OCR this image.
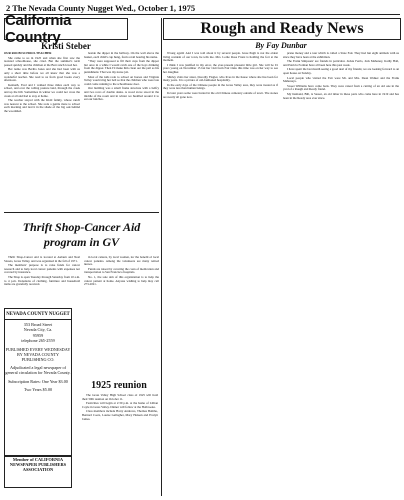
2 The Nevada County Nugget Wed., October 1, 1975
California Country
Kristi Steber

OUR ROOM SCHOOL TEACHER

She came to us in 1925 and when she first saw the isolated schoolhouse, she cried. But the summer's term passed quickly and the children at the Barr ranch loved her.

Her name was Bertha Jones and she had been with us only a short time before we all knew that she was a wonderful teacher. She read to us from good books every afternoon.

Kenneth, Fred and I walked three miles each way to school, and over the rolling pasture land, through the creek and up the hill. Sometimes in winter we could not cross the creek at all and had to stay at home.

The teacher stayed with the Kidd family, whose ranch was nearest to the school. She rode a gentle mare to school each morning and tied it in the shade of the big oak behind the woodshed.

beside the dipper in the hallway. On the wall above the basket, each child's cup hung, from a nail bearing his name.

"They were supposed to fill their cups from the dipper but once in a while I would catch one of the boys drinking from the dipper. Then I'd make him clean out the pail as his punishment. That was my nurse job.

Most of the kids rode to school on horses and Virginia Tolley would ring her bell so that the children who were late could come running to the schoolhouse door.

Our building was a small frame structure with a belfry and two rows of double desks. A wood stove stood in the middle of the room and in winter we huddled around it to eat our lunches.

Thrift Shop-Cancer Aid program in GV

Thrift Shop-Cancer Aid is located at Auburn and Neal Streets, Grass Valley, and was organized in the fall of 1971.

The members' purpose is to raise funds for cancer research and to help local cancer patients with expenses not covered by insurance.

The Shop is open Tuesday through Saturday from 10 a.m. to 4 p.m. Donations of clothing, furniture and household items are gratefully received.

in local centers, by local women, for the benefit of local cancer patients. Among the volunteers are many retired nurses.

Funds are raised by covering the costs of medication and transportation to San Francisco hospitals.

No. 1, the sole aim of this organization is to help the cancer patient at home. Anyone wishing to help may call 273-2021.

NEVADA COUNTY NUGGET
353 Broad Street
Nevada City, Ca.
95959
telephone 265-2559
PUBLISHED EVERY WEDNESDAY BY NEVADA COUNTY PUBLISHING CO.
Adjudicated a legal newspaper of general circulation for Nevada County.
Subscription Rates: One Year $3.00
Two Years $5.00
Member of CALIFORNIA NEWSPAPER PUBLISHERS ASSOCIATION
1925 reunion

The Grass Valley High School class of 1925 will hold their 50th reunion on October 11.

Festivities will begin at 2:30 p.m. at the home of Lillian Coyle in Grass Valley. Dinner will follow at the Holbrooke.

Class members include Harry Andrews, Thomas Bolitho, Bernard Coots, Louise Gallagher, Mary Hansen and Evelyn James.

Rough and Ready News
By Fay Dunbar

Wrong again! And I was told about it by several people. Jesse Pugh is not the oldest living resident of our town, he tells me. Mrs. Lottie Rose Franz is holding the fort at the moment.

I think I was justified in my error, the ever-present pleasant little girl. She will be 91 years young on November 15 but her visit from Fair Oaks this time was on her way to see her daughter.

Shirley visits her sister, Dorothy Flagler, who lives in the house where she has been for many years. It is a picture of old-fashioned hospitality.

In the early days of the Chinese people in the Grass Valley area, they were treated as if they were less than human beings.

In later years some were buried in the old Chinese cemetery outside of town. The stones are nearly all gone now.

prune money and a tour which is called a State Fair. They had fun eight animals with us since they have been at the exhibition.

The Frank Simpsons' are friends in particular. Jackie Ferris, Jack Mahoney, Kathy Hall, and Patricia Forman have all been here this past week.

I have spent the last month seeing a good deal of my friends; we are looking forward to an open house on Sunday.

Local people who visited the Fair were Mr. and Mrs. Dean Walker and the Frank Mahoneys.

Sweet Williams have come back. They were raised from a cutting of an old one in the yard of a Rough and Ready friend.

My husband, Bill, is Sasser, an old timer in these parts who came here in 1919 and has been in the Ready area ever since.
